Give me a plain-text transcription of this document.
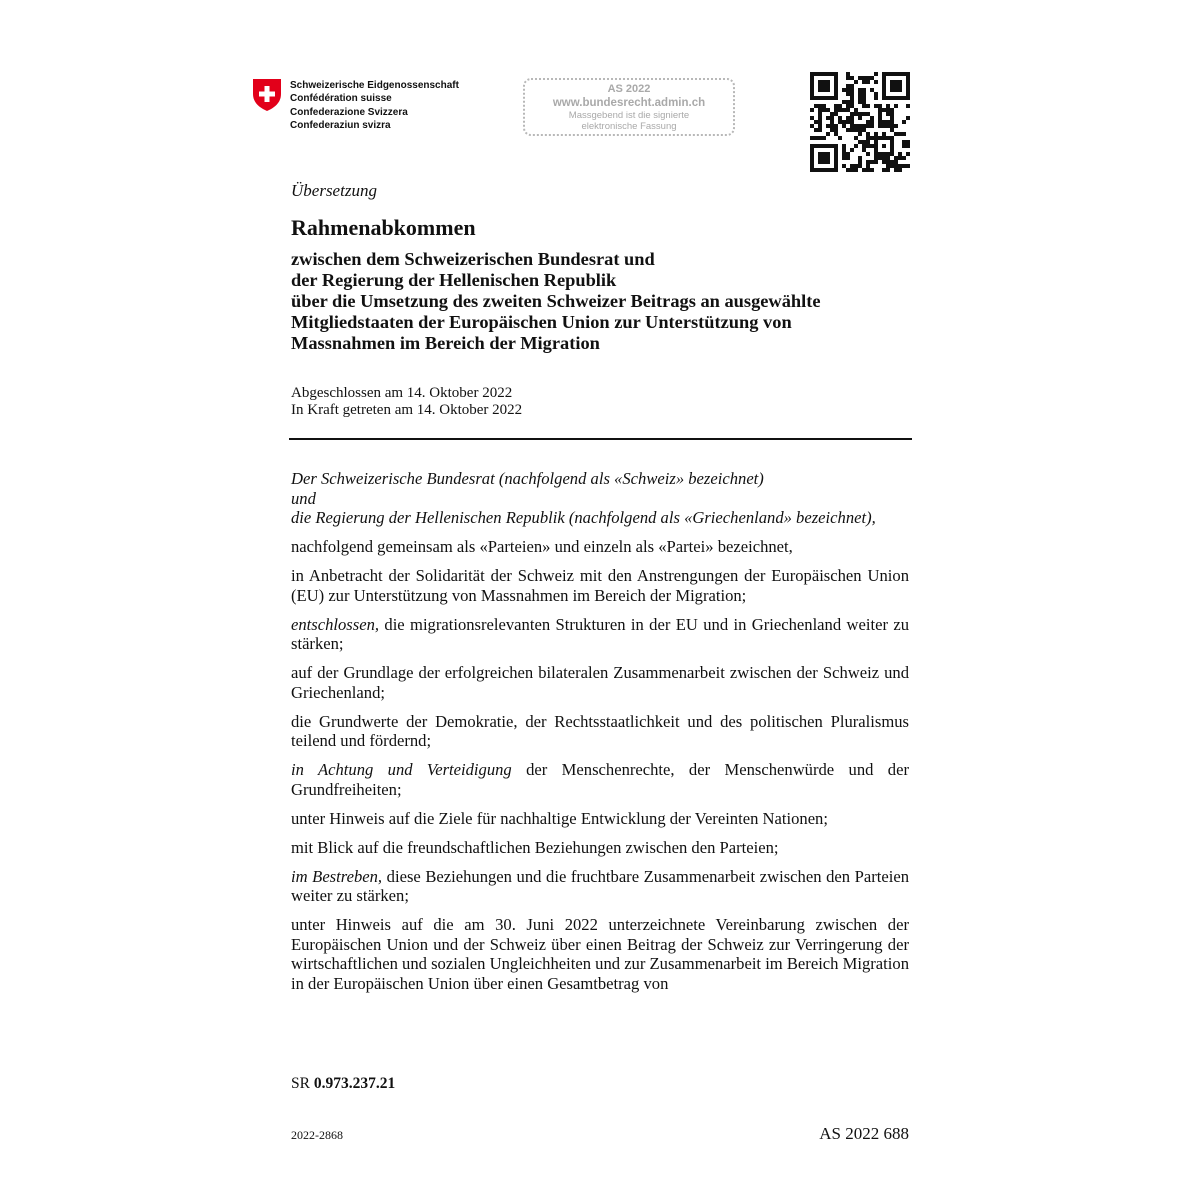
Schweizerische Eidgenossenschaft
Confédération suisse
Confederazione Svizzera
Confederaziun svizra
AS 2022
www.bundesrecht.admin.ch
Massgebend ist die signierte
elektronische Fassung
Übersetzung
Rahmenabkommen
zwischen dem Schweizerischen Bundesrat und
der Regierung der Hellenischen Republik
über die Umsetzung des zweiten Schweizer Beitrags an ausgewählte
Mitgliedstaaten der Europäischen Union zur Unterstützung von
Massnahmen im Bereich der Migration
Abgeschlossen am 14. Oktober 2022
In Kraft getreten am 14. Oktober 2022

Der Schweizerische Bundesrat (nachfolgend als «Schweiz» bezeichnet)

und

die Regierung der Hellenischen Republik (nachfolgend als «Griechenland» bezeichnet),

nachfolgend gemeinsam als «Parteien» und einzeln als «Partei» bezeichnet,

in Anbetracht der Solidarität der Schweiz mit den Anstrengungen der Europäischen Union (EU) zur Unterstützung von Massnahmen im Bereich der Migration;

entschlossen, die migrationsrelevanten Strukturen in der EU und in Griechenland weiter zu stärken;

auf der Grundlage der erfolgreichen bilateralen Zusammenarbeit zwischen der Schweiz und Griechenland;

die Grundwerte der Demokratie, der Rechtsstaatlichkeit und des politischen Pluralismus teilend und fördernd;

in Achtung und Verteidigung der Menschenrechte, der Menschenwürde und der Grundfreiheiten;

unter Hinweis auf die Ziele für nachhaltige Entwicklung der Vereinten Nationen;

mit Blick auf die freundschaftlichen Beziehungen zwischen den Parteien;

im Bestreben, diese Beziehungen und die fruchtbare Zusammenarbeit zwischen den Parteien weiter zu stärken;

unter Hinweis auf die am 30. Juni 2022 unterzeichnete Vereinbarung zwischen der Europäischen Union und der Schweiz über einen Beitrag der Schweiz zur Verringerung der wirtschaftlichen und sozialen Ungleichheiten und zur Zusammenarbeit im Bereich Migration in der Europäischen Union über einen Gesamtbetrag von

SR 0.973.237.21
2022-2868	AS 2022 688
